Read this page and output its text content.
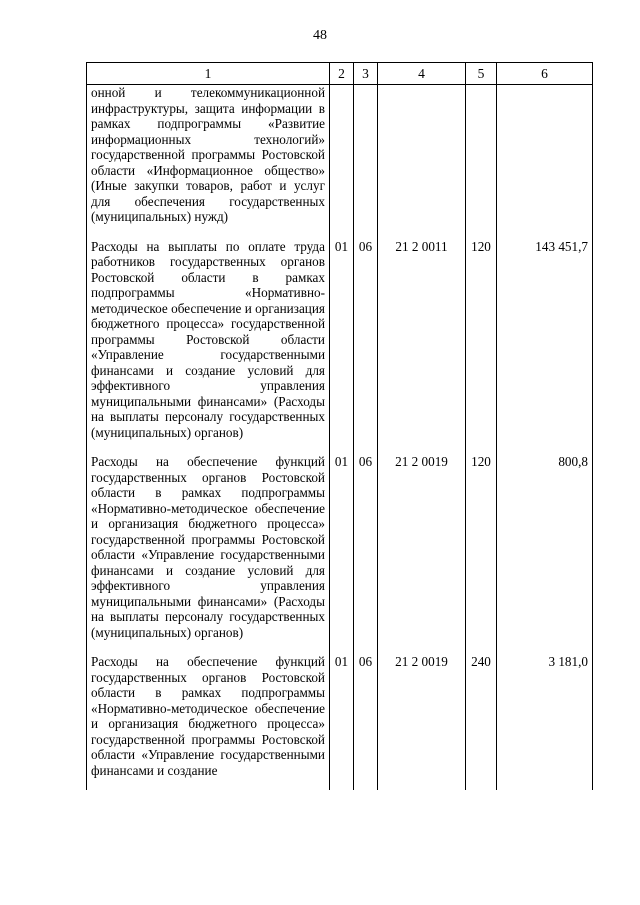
48
1	2	3	4	5	6
онной и телекоммуникационной инфраструктуры, защита информации в рамках подпрограммы «Развитие информационных технологий» государственной программы Ростовской области «Информационное общество» (Иные закупки товаров, работ и услуг для обеспечения государственных (муниципальных) нужд)					
Расходы на выплаты по оплате труда работников государственных органов Ростовской области в рамках подпрограммы «Нормативно-методическое обеспечение и организация бюджетного процесса» государственной программы Ростовской области «Управление государственными финансами и создание условий для эффективного управления муниципальными финансами» (Расходы на выплаты персоналу государственных (муниципальных) органов)	01	06	21 2 0011	120	143 451,7
Расходы на обеспечение функций государственных органов Ростовской области в рамках подпрограммы «Нормативно-методическое обеспечение и организация бюджетного процесса» государственной программы Ростовской области «Управление государственными финансами и создание условий для эффективного управления муниципальными финансами» (Расходы на выплаты персоналу государственных (муниципальных) органов)	01	06	21 2 0019	120	800,8
Расходы на обеспечение функций государственных органов Ростовской области в рамках подпрограммы «Нормативно-методическое обеспечение и организация бюджетного процесса» государственной программы Ростовской области «Управление государственными финансами и создание	01	06	21 2 0019	240	3 181,0
